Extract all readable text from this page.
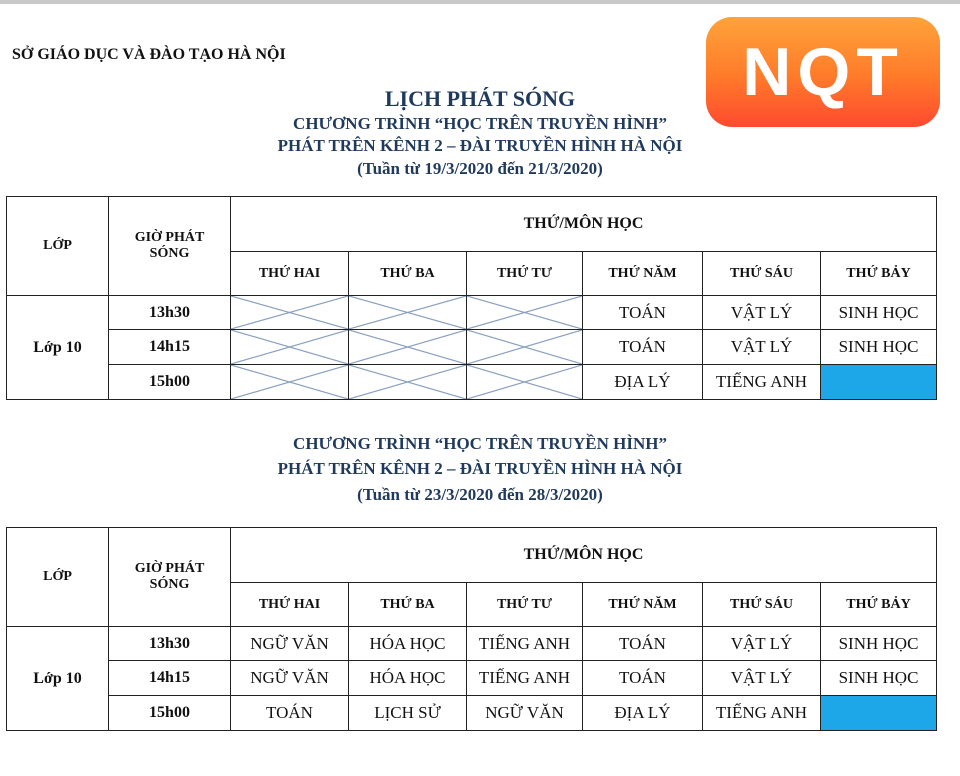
SỞ GIÁO DỤC VÀ ĐÀO TẠO HÀ NỘI	NQT
LỊCH PHÁT SÓNG
CHƯƠNG TRÌNH “HỌC TRÊN TRUYỀN HÌNH”
PHÁT TRÊN KÊNH 2 – ĐÀI TRUYỀN HÌNH HÀ NỘI
(Tuần từ 19/3/2020 đến 21/3/2020)
LỚP	GIỜ PHÁT SÓNG	THỨ/MÔN HỌC					
		THỨ HAI	THỨ BA	THỨ TƯ	THỨ NĂM	THỨ SÁU	THỨ BẢY
Lớp 10	13h30				TOÁN	VẬT LÝ	SINH HỌC
	14h15				TOÁN	VẬT LÝ	SINH HỌC
	15h00				ĐỊA LÝ	TIẾNG ANH	
CHƯƠNG TRÌNH “HỌC TRÊN TRUYỀN HÌNH”
PHÁT TRÊN KÊNH 2 – ĐÀI TRUYỀN HÌNH HÀ NỘI
(Tuần từ 23/3/2020 đến 28/3/2020)
LỚP	GIỜ PHÁT SÓNG	THỨ/MÔN HỌC					
		THỨ HAI	THỨ BA	THỨ TƯ	THỨ NĂM	THỨ SÁU	THỨ BẢY
Lớp 10	13h30	NGỮ VĂN	HÓA HỌC	TIẾNG ANH	TOÁN	VẬT LÝ	SINH HỌC
	14h15	NGỮ VĂN	HÓA HỌC	TIẾNG ANH	TOÁN	VẬT LÝ	SINH HỌC
	15h00	TOÁN	LỊCH SỬ	NGỮ VĂN	ĐỊA LÝ	TIẾNG ANH	
